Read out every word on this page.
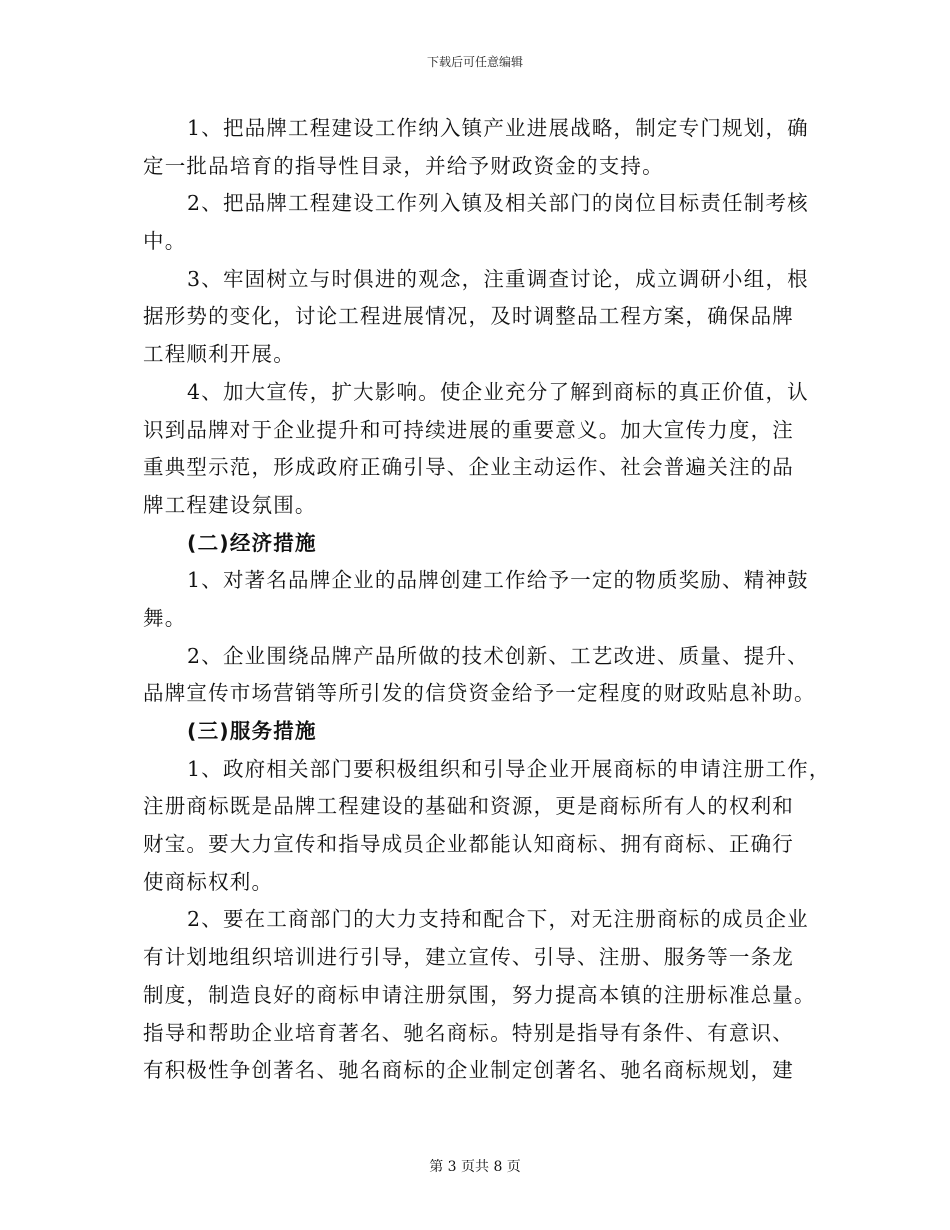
下载后可任意编辑
1、把品牌工程建设工作纳入镇产业进展战略，制定专门规划，确
定一批品培育的指导性目录，并给予财政资金的支持。
2、把品牌工程建设工作列入镇及相关部门的岗位目标责任制考核
中。
3、牢固树立与时俱进的观念，注重调查讨论，成立调研小组，根
据形势的变化，讨论工程进展情况，及时调整品工程方案，确保品牌
工程顺利开展。
4、加大宣传，扩大影响。使企业充分了解到商标的真正价值，认
识到品牌对于企业提升和可持续进展的重要意义。加大宣传力度，注
重典型示范，形成政府正确引导、企业主动运作、社会普遍关注的品
牌工程建设氛围。
(二)经济措施
1、对著名品牌企业的品牌创建工作给予一定的物质奖励、精神鼓
舞。
2、企业围绕品牌产品所做的技术创新、工艺改进、质量、提升、
品牌宣传市场营销等所引发的信贷资金给予一定程度的财政贴息补助。
(三)服务措施
1、政府相关部门要积极组织和引导企业开展商标的申请注册工作，
注册商标既是品牌工程建设的基础和资源，更是商标所有人的权利和
财宝。要大力宣传和指导成员企业都能认知商标、拥有商标、正确行
使商标权利。
2、要在工商部门的大力支持和配合下，对无注册商标的成员企业
有计划地组织培训进行引导，建立宣传、引导、注册、服务等一条龙
制度，制造良好的商标申请注册氛围，努力提高本镇的注册标准总量。
指导和帮助企业培育著名、驰名商标。特别是指导有条件、有意识、
有积极性争创著名、驰名商标的企业制定创著名、驰名商标规划，建
第 3 页共 8 页
